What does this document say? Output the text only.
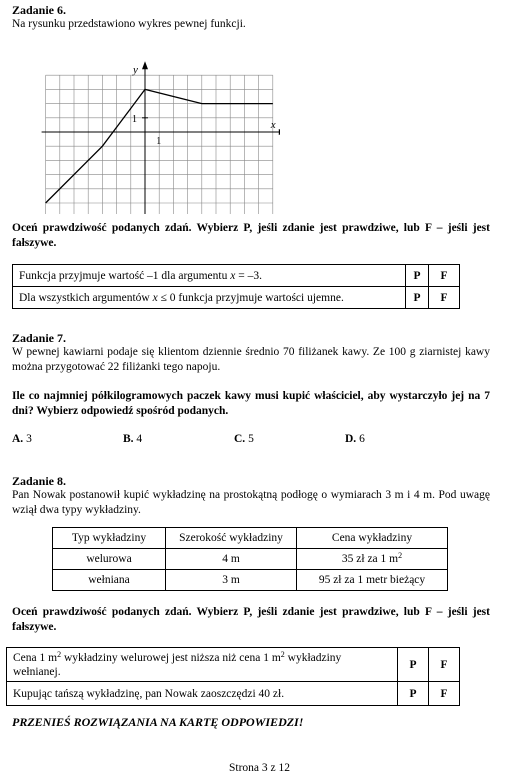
Zadanie 6.
Na rysunku przedstawiono wykres pewnej funkcji.
y
x
1
1
Oceń prawdziwość podanych zdań. Wybierz P, jeśli zdanie jest prawdziwe, lub F – jeśli jest fałszywe.
Funkcja przyjmuje wartość –1 dla argumentu x = –3.	P	F
Dla wszystkich argumentów x ≤ 0 funkcja przyjmuje wartości ujemne.	P	F
Zadanie 7.
W pewnej kawiarni podaje się klientom dziennie średnio 70 filiżanek kawy. Ze 100 g ziarnistej kawy można przygotować 22 filiżanki tego napoju.
Ile co najmniej półkilogramowych paczek kawy musi kupić właściciel, aby wystarczyło jej na 7 dni? Wybierz odpowiedź spośród podanych.
A. 3	B. 4	C. 5	D. 6
Zadanie 8.
Pan Nowak postanowił kupić wykładzinę na prostokątną podłogę o wymiarach 3 m i 4 m. Pod uwagę wziął dwa typy wykładziny.
Typ wykładziny	Szerokość wykładziny	Cena wykładziny
welurowa	4 m	35 zł za 1 $m^2$
wełniana	3 m	95 zł za 1 metr bieżący
Oceń prawdziwość podanych zdań. Wybierz P, jeśli zdanie jest prawdziwe, lub F – jeśli jest fałszywe.
Cena 1 $m^2$ wykładziny welurowej jest niższa niż cena 1 $m^2$ wykładziny wełnianej.	P	F
Kupując tańszą wykładzinę, pan Nowak zaoszczędzi 40 zł.	P	F
PRZENIEŚ ROZWIĄZANIA NA KARTĘ ODPOWIEDZI!
Strona 3 z 12
